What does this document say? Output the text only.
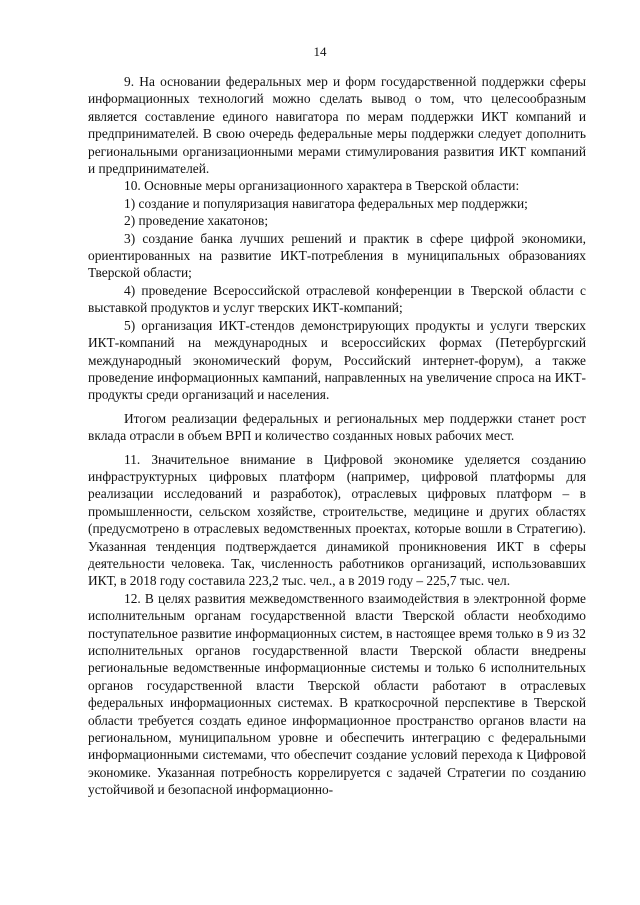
14

9. На основании федеральных мер и форм государственной поддержки сферы информационных технологий можно сделать вывод о том, что целесообразным является составление единого навигатора по мерам поддержки ИКТ компаний и предпринимателей. В свою очередь федеральные меры поддержки следует дополнить региональными организационными мерами стимулирования развития ИКТ компаний и предпринимателей.

10. Основные меры организационного характера в Тверской области:

1) создание и популяризация навигатора федеральных мер поддержки;

2) проведение хакатонов;

3) создание банка лучших решений и практик в сфере цифрой экономики, ориентированных на развитие ИКТ-потребления в муниципальных образованиях Тверской области;

4) проведение Всероссийской отраслевой конференции в Тверской области с выставкой продуктов и услуг тверских ИКТ-компаний;

5) организация ИКТ-стендов демонстрирующих продукты и услуги тверских ИКТ-компаний на международных и всероссийских формах (Петербургский международный экономический форум, Российский интернет-форум), а также проведение информационных кампаний, направленных на увеличение спроса на ИКТ-продукты среди организаций и населения.

Итогом реализации федеральных и региональных мер поддержки станет рост вклада отрасли в объем ВРП и количество созданных новых рабочих мест.

11. Значительное внимание в Цифровой экономике уделяется созданию инфраструктурных цифровых платформ (например, цифровой платформы для реализации исследований и разработок), отраслевых цифровых платформ – в промышленности, сельском хозяйстве, строительстве, медицине и других областях (предусмотрено в отраслевых ведомственных проектах, которые вошли в Стратегию). Указанная тенденция подтверждается динамикой проникновения ИКТ в сферы деятельности человека. Так, численность работников организаций, использовавших ИКТ, в 2018 году составила 223,2 тыс. чел., а в 2019 году – 225,7 тыс. чел.

12. В целях развития межведомственного взаимодействия в электронной форме исполнительным органам государственной власти Тверской области необходимо поступательное развитие информационных систем, в настоящее время только в 9 из 32 исполнительных органов государственной власти Тверской области внедрены региональные ведомственные информационные системы и только 6 исполнительных органов государственной власти Тверской области работают в отраслевых федеральных информационных системах. В краткосрочной перспективе в Тверской области требуется создать единое информационное пространство органов власти на региональном, муниципальном уровне и обеспечить интеграцию с федеральными информационными системами, что обеспечит создание условий перехода к Цифровой экономике. Указанная потребность коррелируется с задачей Стратегии по созданию устойчивой и безопасной информационно-
